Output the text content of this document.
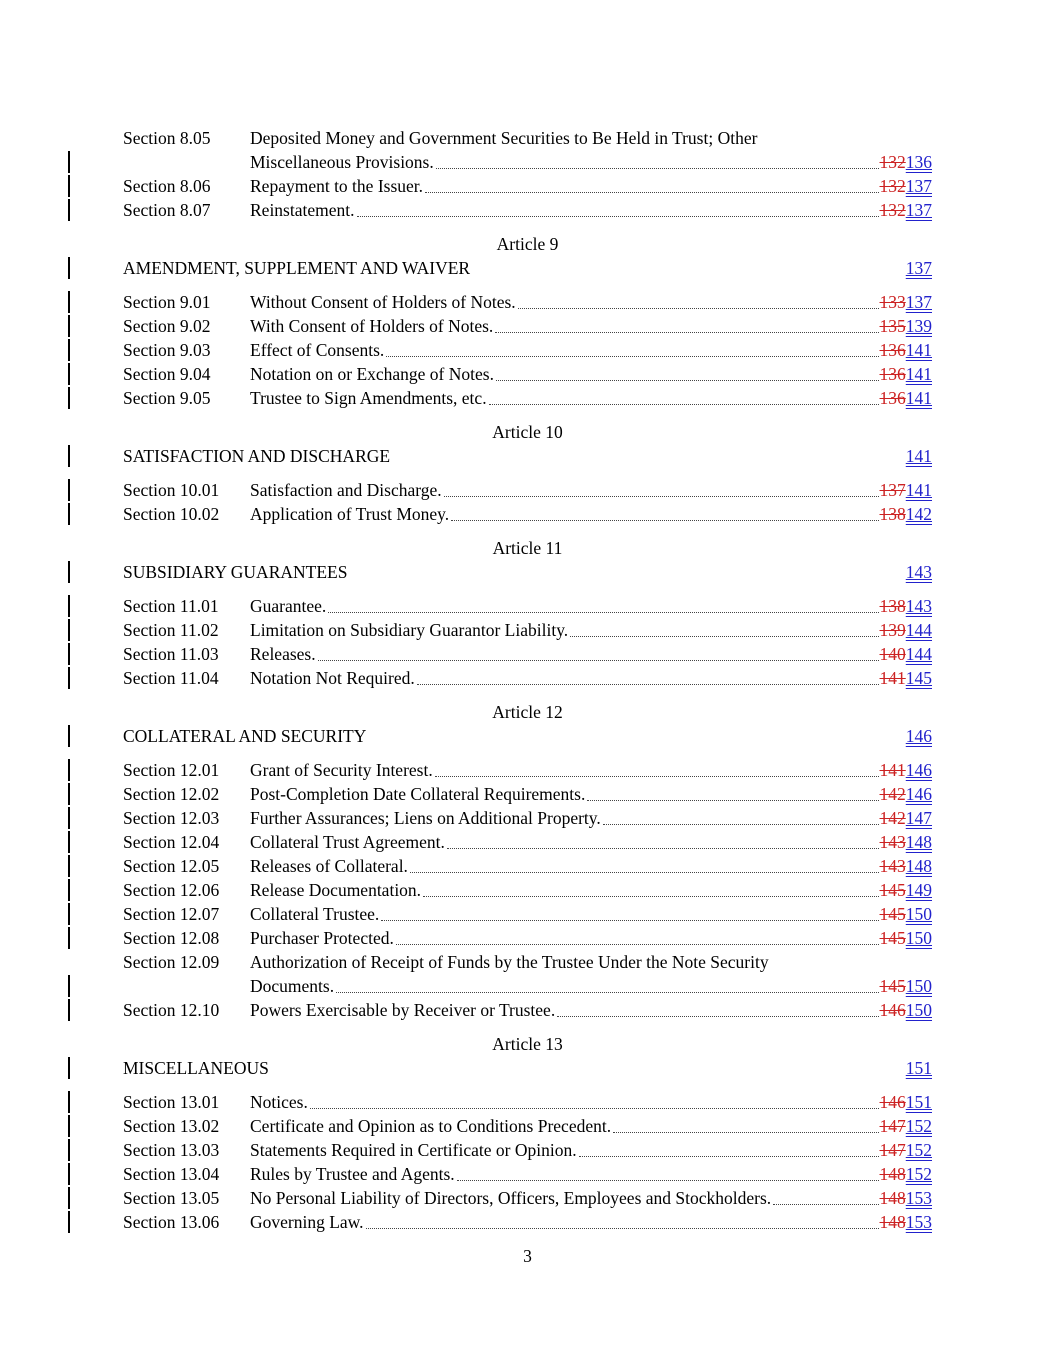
Section 8.05	Deposited Money and Government Securities to Be Held in Trust; Other
Miscellaneous Provisions.	132 136
Section 8.06	Repayment to the Issuer.	132 137
Section 8.07	Reinstatement.	132 137
Article 9
AMENDMENT, SUPPLEMENT AND WAIVER	137
Section 9.01	Without Consent of Holders of Notes.	133 137
Section 9.02	With Consent of Holders of Notes.	135 139
Section 9.03	Effect of Consents.	136 141
Section 9.04	Notation on or Exchange of Notes.	136 141
Section 9.05	Trustee to Sign Amendments, etc.	136 141
Article 10
SATISFACTION AND DISCHARGE	141
Section 10.01	Satisfaction and Discharge.	137 141
Section 10.02	Application of Trust Money.	138 142
Article 11
SUBSIDIARY GUARANTEES	143
Section 11.01	Guarantee.	138 143
Section 11.02	Limitation on Subsidiary Guarantor Liability.	139 144
Section 11.03	Releases.	140 144
Section 11.04	Notation Not Required.	141 145
Article 12
COLLATERAL AND SECURITY	146
Section 12.01	Grant of Security Interest.	141 146
Section 12.02	Post-Completion Date Collateral Requirements.	142 146
Section 12.03	Further Assurances; Liens on Additional Property.	142 147
Section 12.04	Collateral Trust Agreement.	143 148
Section 12.05	Releases of Collateral.	143 148
Section 12.06	Release Documentation.	145 149
Section 12.07	Collateral Trustee.	145 150
Section 12.08	Purchaser Protected.	145 150
Section 12.09	Authorization of Receipt of Funds by the Trustee Under the Note Security
Documents.	145 150
Section 12.10	Powers Exercisable by Receiver or Trustee.	146 150
Article 13
MISCELLANEOUS	151
Section 13.01	Notices.	146 151
Section 13.02	Certificate and Opinion as to Conditions Precedent.	147 152
Section 13.03	Statements Required in Certificate or Opinion.	147 152
Section 13.04	Rules by Trustee and Agents.	148 152
Section 13.05	No Personal Liability of Directors, Officers, Employees and Stockholders.	148 153
Section 13.06	Governing Law.	148 153
3
